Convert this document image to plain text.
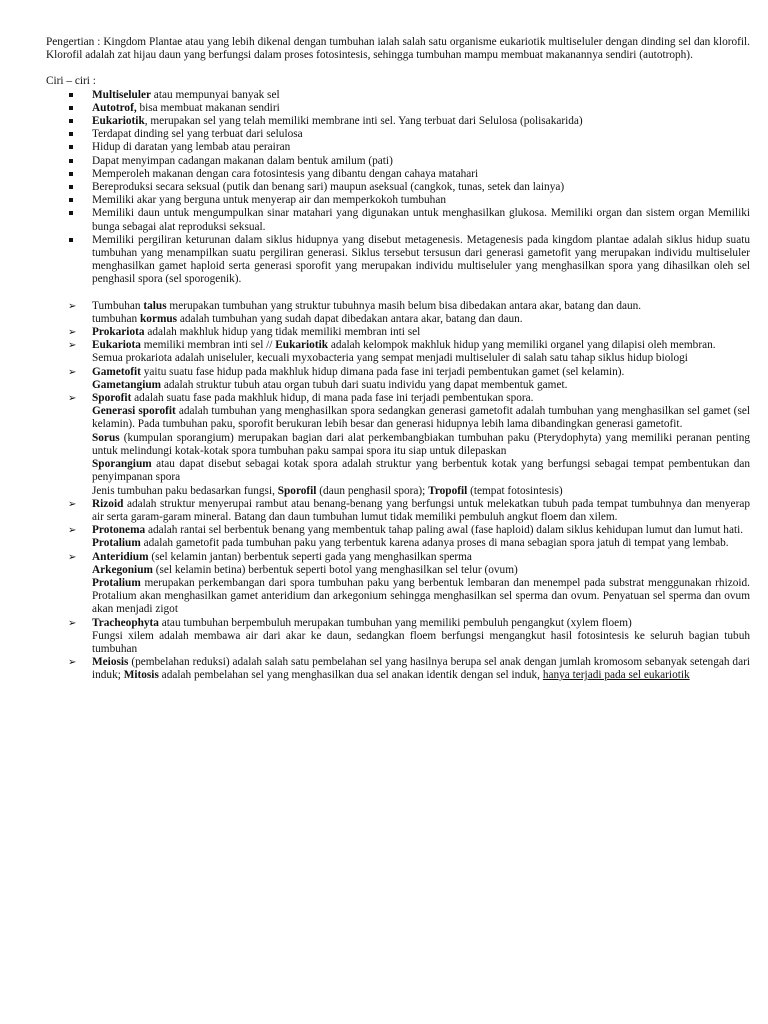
Pengertian : Kingdom Plantae atau yang lebih dikenal dengan tumbuhan ialah salah satu organisme eukariotik multiseluler dengan dinding sel dan klorofil. Klorofil adalah zat hijau daun yang berfungsi dalam proses fotosintesis, sehingga tumbuhan mampu membuat makanannya sendiri (autotroph).

Ciri – ciri :

Multiseluler atau mempunyai banyak sel
Autotrof, bisa membuat makanan sendiri
Eukariotik, merupakan sel yang telah memiliki membrane inti sel. Yang terbuat dari Selulosa (polisakarida)
Terdapat dinding sel yang terbuat dari selulosa
Hidup di daratan yang lembab atau perairan
Dapat menyimpan cadangan makanan dalam bentuk amilum (pati)
Memperoleh makanan dengan cara fotosintesis yang dibantu dengan cahaya matahari
Bereproduksi secara seksual (putik dan benang sari) maupun aseksual (cangkok, tunas, setek dan lainya)
Memiliki akar yang berguna untuk menyerap air dan memperkokoh tumbuhan
Memiliki daun untuk mengumpulkan sinar matahari yang digunakan untuk menghasilkan glukosa. Memiliki organ dan sistem organ Memiliki bunga sebagai alat reproduksi seksual.
Memiliki pergiliran keturunan dalam siklus hidupnya yang disebut metagenesis. Metagenesis pada kingdom plantae adalah siklus hidup suatu tumbuhan yang menampilkan suatu pergiliran generasi. Siklus tersebut tersusun dari generasi gametofit yang merupakan individu multiseluler menghasilkan gamet haploid serta generasi sporofit yang merupakan individu multiseluler yang menghasilkan spora yang dihasilkan oleh sel penghasil spora (sel sporogenik).
➢ Tumbuhan talus merupakan tumbuhan yang struktur tubuhnya masih belum bisa dibedakan antara akar, batang dan daun.
tumbuhan kormus adalah tumbuhan yang sudah dapat dibedakan antara akar, batang dan daun.
➢ Prokariota adalah makhluk hidup yang tidak memiliki membran inti sel
➢ Eukariota memiliki membran inti sel // Eukariotik adalah kelompok makhluk hidup yang memiliki organel yang dilapisi oleh membran.
Semua prokariota adalah uniseluler, kecuali myxobacteria yang sempat menjadi multiseluler di salah satu tahap siklus hidup biologi
➢ Gametofit yaitu suatu fase hidup pada makhluk hidup dimana pada fase ini terjadi pembentukan gamet (sel kelamin).
Gametangium adalah struktur tubuh atau organ tubuh dari suatu individu yang dapat membentuk gamet.
➢ Sporofit adalah suatu fase pada makhluk hidup, di mana pada fase ini terjadi pembentukan spora.
Generasi sporofit adalah tumbuhan yang menghasilkan spora sedangkan generasi gametofit adalah tumbuhan yang menghasilkan sel gamet (sel kelamin). Pada tumbuhan paku, sporofit berukuran lebih besar dan generasi hidupnya lebih lama dibandingkan generasi gametofit.
Sorus (kumpulan sporangium) merupakan bagian dari alat perkembangbiakan tumbuhan paku (Pterydophyta) yang memiliki peranan penting untuk melindungi kotak-kotak spora tumbuhan paku sampai spora itu siap untuk dilepaskan
Sporangium atau dapat disebut sebagai kotak spora adalah struktur yang berbentuk kotak yang berfungsi sebagai tempat pembentukan dan penyimpanan spora
Jenis tumbuhan paku bedasarkan fungsi, Sporofil (daun penghasil spora); Tropofil (tempat fotosintesis)
➢ Rizoid adalah struktur menyerupai rambut atau benang-benang yang berfungsi untuk melekatkan tubuh pada tempat tumbuhnya dan menyerap air serta garam-garam mineral. Batang dan daun tumbuhan lumut tidak memiliki pembuluh angkut floem dan xilem.
➢ Protonema adalah rantai sel berbentuk benang yang membentuk tahap paling awal (fase haploid) dalam siklus kehidupan lumut dan lumut hati.
Protalium adalah gametofit pada tumbuhan paku yang terbentuk karena adanya proses di mana sebagian spora jatuh di tempat yang lembab.
➢ Anteridium (sel kelamin jantan) berbentuk seperti gada yang menghasilkan sperma
Arkegonium (sel kelamin betina) berbentuk seperti botol yang menghasilkan sel telur (ovum)
Protalium merupakan perkembangan dari spora tumbuhan paku yang berbentuk lembaran dan menempel pada substrat menggunakan rhizoid. Protalium akan menghasilkan gamet anteridium dan arkegonium sehingga menghasilkan sel sperma dan ovum. Penyatuan sel sperma dan ovum akan menjadi zigot
➢ Tracheophyta atau tumbuhan berpembuluh merupakan tumbuhan yang memiliki pembuluh pengangkut (xylem floem)
Fungsi xilem adalah membawa air dari akar ke daun, sedangkan floem berfungsi mengangkut hasil fotosintesis ke seluruh bagian tubuh tumbuhan
➢ Meiosis (pembelahan reduksi) adalah salah satu pembelahan sel yang hasilnya berupa sel anak dengan jumlah kromosom sebanyak setengah dari induk; Mitosis adalah pembelahan sel yang menghasilkan dua sel anakan identik dengan sel induk, hanya terjadi pada sel eukariotik
